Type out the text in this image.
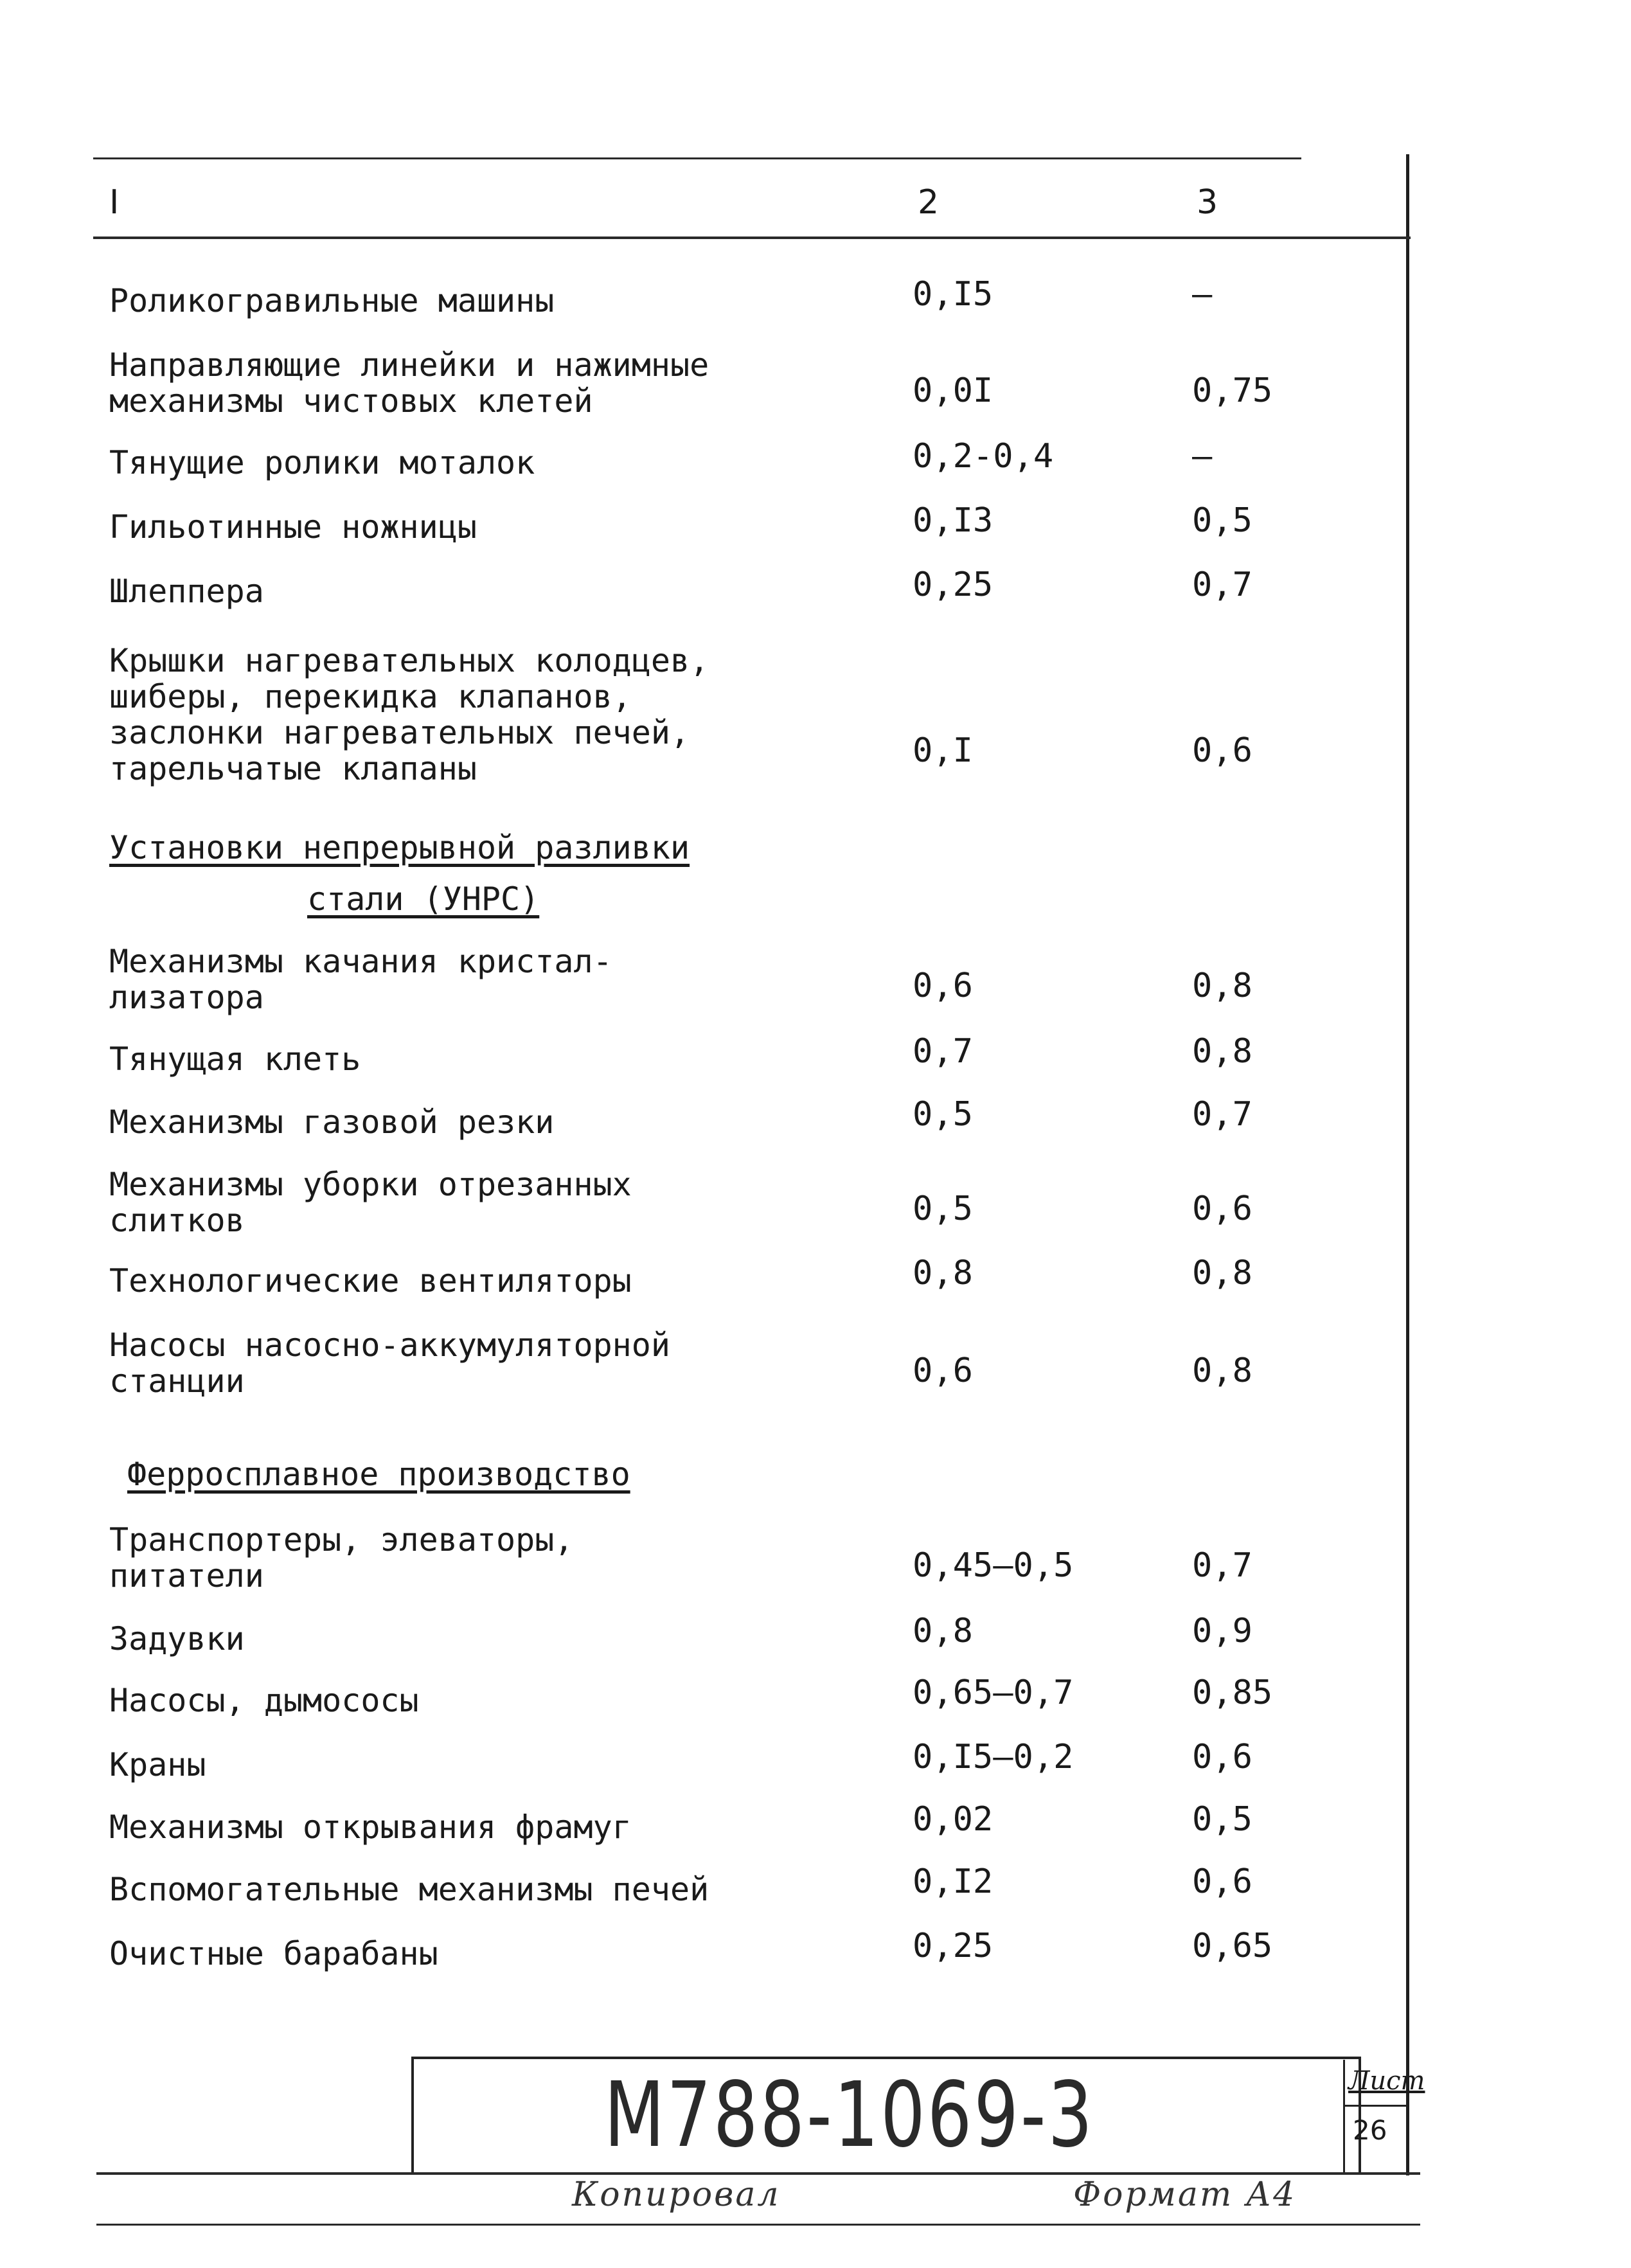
I	2	3
Роликогравильные машины	0,I5	–
Направляющие линейки и нажимные
механизмы чистовых клетей	0,0I	0,75
Тянущие ролики моталок	0,2-0,4	–
Гильотинные ножницы	0,I3	0,5
Шлеппера	0,25	0,7
Крышки нагревательных колодцев,
шиберы, перекидка клапанов,
заслонки нагревательных печей,
тарельчатые клапаны	0,I	0,6
Установки непрерывной разливки
стали (УНРС)
Механизмы качания кристал-
лизатора	0,6	0,8
Тянущая клеть	0,7	0,8
Механизмы газовой резки	0,5	0,7
Механизмы уборки отрезанных
слитков	0,5	0,6
Технологические вентиляторы	0,8	0,8
Насосы насосно-аккумуляторной
станции	0,6	0,8
Ферросплавное производство
Транспортеры, элеваторы,
питатели	0,45–0,5	0,7
Задувки	0,8	0,9
Насосы, дымососы	0,65–0,7	0,85
Краны	0,I5–0,2	0,6
Механизмы открывания фрамуг	0,02	0,5
Вспомогательные механизмы печей	0,I2	0,6
Очистные барабаны	0,25	0,65
М788-1069-3	Лист
26
Копировал	Формат А4
